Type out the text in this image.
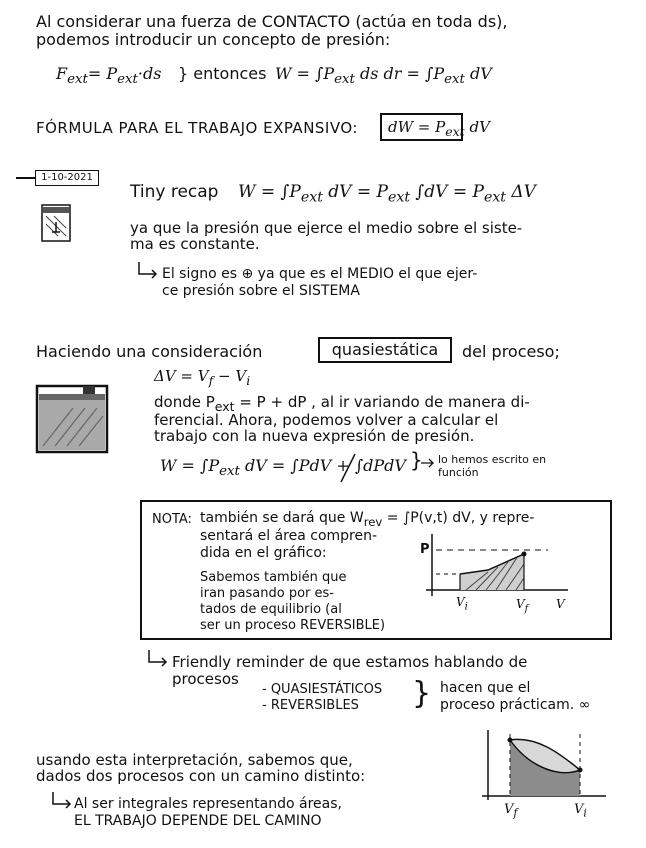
Al considerar una fuerza de CONTACTO (actúa en toda ds),
podemos introducir un concepto de presión:
$F_{ext}= P_{ext}\cdot ds$ } entonces $W = \int P_{ext}$ ds dr = $\int P_{ext}$ dV
FÓRMULA PARA EL TRABAJO EXPANSIVO:	dW = $P_{ext}$ dV
1-10-2021
Tiny recap $W = \int P_{ext}$ dV = $P_{ext}$ $\int dV = P_{ext}$ ΔV
ya que la presión que ejerce el medio sobre el siste-
ma es constante.
El signo es ⊕ ya que es el MEDIO el que ejer-
ce presión sobre el SISTEMA
Haciendo una consideración	quasiestática	del proceso;
$\Delta V = V_f - V_i$
donde $P_{ext} = P$ + dP , al ir variando de manera di-
ferencial. Ahora, podemos volver a calcular el
trabajo con la nueva expresión de presión.
$W = \int P_{ext}$ dV = ∫PdV + ∫dPdV } lo hemos escrito en
función
NOTA: también se dará que $W_{rev} = \int P(v,t)$ dV, y repre-
sentará el área compren-
dida en el gráfico:
Sabemos también que
iran pasando por es-
tados de equilibrio (al
ser un proceso REVERSIBLE)
P
$V_i$	$V_f$ V
Friendly reminder de que estamos hablando de
procesos
- QUASIESTÁTICOS
- REVERSIBLES } hacen que el
proceso prácticam. ∞
usando esta interpretación, sabemos que,
dados dos procesos con un camino distinto:
Al ser integrales representando áreas,
EL TRABAJO DEPENDE DEL CAMINO
$V_f$	$V_i$
